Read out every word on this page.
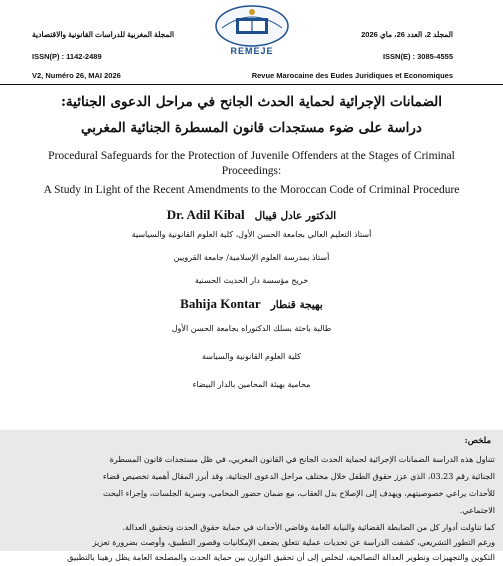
المجلة المغربية للدراسات القانونية والاقتصادية
ISSN(P) : 1142-2489
V2, Numéro 26, MAI 2026
المجلد 2، العدد 26، ماي 2026
ISSN(E) : 3085-4555
Revue Marocaine des Eudes Juridiques et Economiques
REMEJE
الضمانات الإجرائية لحماية الحدث الجانح في مراحل الدعوى الجنائية:
دراسة على ضوء مستجدات قانون المسطرة الجنائية المغربي
Procedural Safeguards for the Protection of Juvenile Offenders at the Stages of Criminal
Proceedings:
A Study in Light of the Recent Amendments to the Moroccan Code of Criminal Procedure
Dr. Adil Kibal الدكتور عادل قيبال
أستاذ التعليم العالي بجامعة الحسن الأول، كلية العلوم القانونية والسياسية
أستاذ بمدرسة العلوم الإسلامية/ جامعة القرويين
خريج مؤسسة دار الحديث الحسنية
Bahija Kontar بهيجة قنطار
طالبة باحثة بسلك الدكتوراه بجامعة الحسن الأول
كلية العلوم القانونية والسياسة
محامية بهيئة المحامين بالدار البيضاء
ملخص:
تتناول هذه الدراسة الضمانات الإجرائية لحماية الحدث الجانح في القانون المغربي، في ظل مستجدات قانون المسطرة
الجنائية رقم 03.23، الذي عزز حقوق الطفل خلال مختلف مراحل الدعوى الجنائية، وقد أبرز المقال أهمية تخصيص قضاء
للأحداث يراعي خصوصيتهم، ويهدف إلى الإصلاح بدل العقاب، مع ضمان حضور المحامي، وسرية الجلسات، وإجراء البحث
الاجتماعي.
كما تناولت أدوار كل من الضابطة القضائية والنيابة العامة وقاضي الأحداث في حماية حقوق الحدث وتحقيق العدالة.
ورغم التطور التشريعي، كشفت الدراسة عن تحديات عملية تتعلق بضعف الإمكانيات وقصور التطبيق، وأوصت بضرورة تعزيز
التكوين والتجهيزات وتطوير العدالة التصالحية، لتخلص إلى أن تحقيق التوازن بين حماية الحدث والمصلحة العامة يظل رهينا بالتطبيق
